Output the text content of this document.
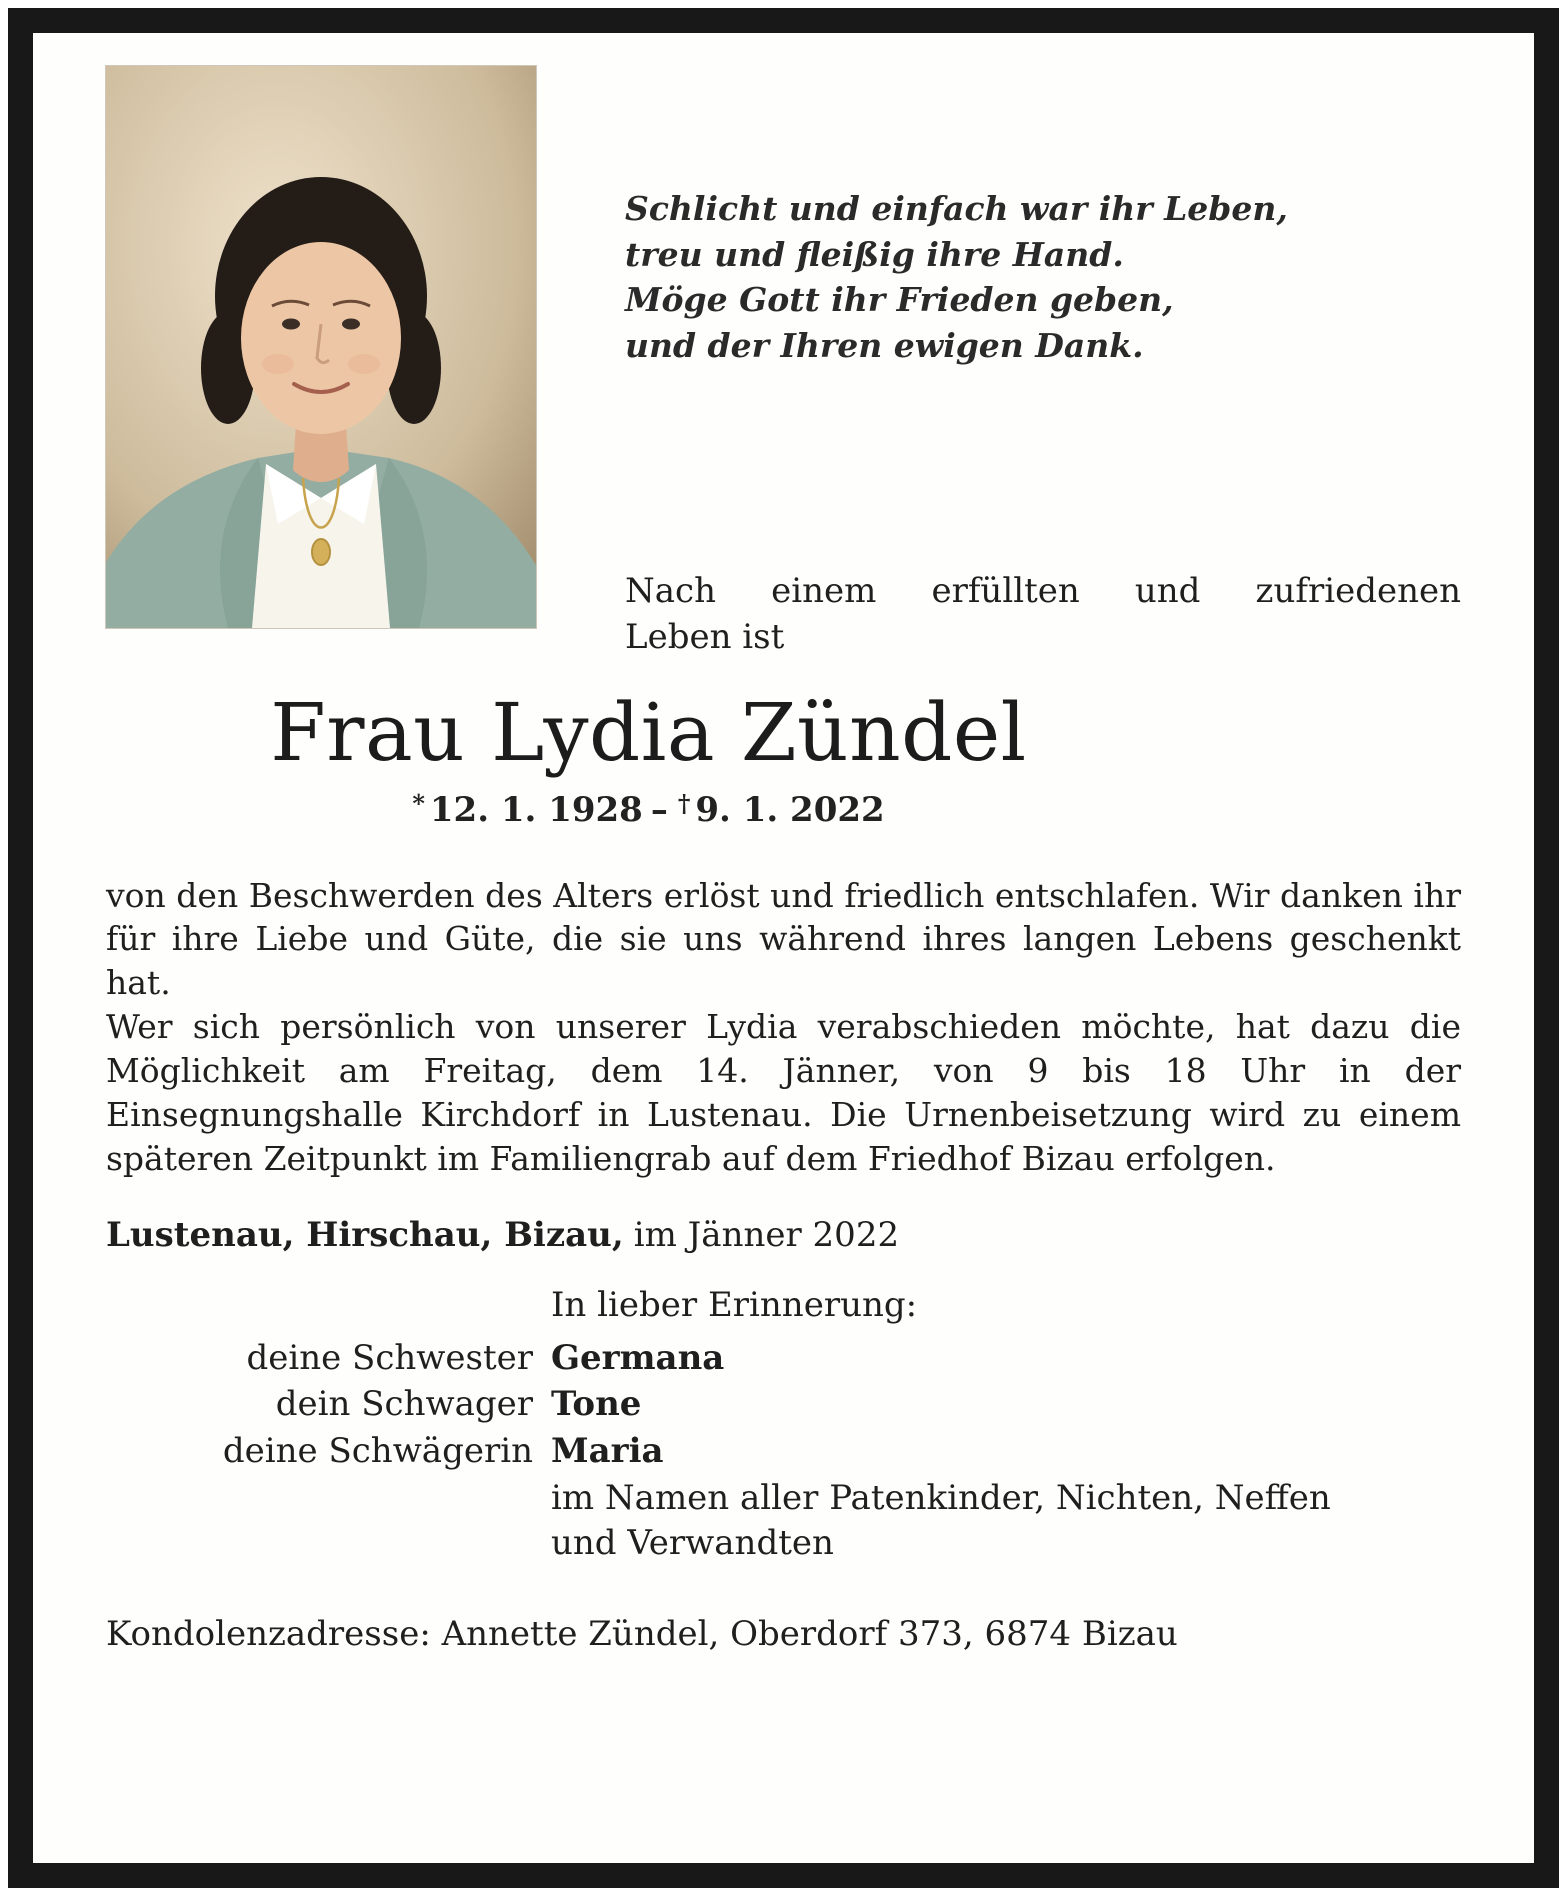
Schlicht und einfach war ihr Leben,
treu und fleißig ihre Hand.
Möge Gott ihr Frieden geben,
und der Ihren ewigen Dank.
Nach einem erfüllten und zufriedenen
Leben ist
Frau Lydia Zündel
* 12. 1. 1928 – † 9. 1. 2022

von den Beschwerden des Alters erlöst und friedlich entschlafen. Wir danken ihr für ihre Liebe und Güte, die sie uns während ihres langen Lebens geschenkt hat.

Wer sich persönlich von unserer Lydia verabschieden möchte, hat dazu die Möglichkeit am Freitag, dem 14. Jänner, von 9 bis 18 Uhr in der Einsegnungshalle Kirchdorf in Lustenau. Die Urnenbeisetzung wird zu einem späteren Zeitpunkt im Familiengrab auf dem Friedhof Bizau erfolgen.

Lustenau, Hirschau, Bizau, im Jänner 2022
In lieber Erinnerung:
deine Schwester Germana
dein Schwager Tone
deine Schwägerin Maria
im Namen aller Patenkinder, Nichten, Neffen
und Verwandten
Kondolenzadresse: Annette Zündel, Oberdorf 373, 6874 Bizau
